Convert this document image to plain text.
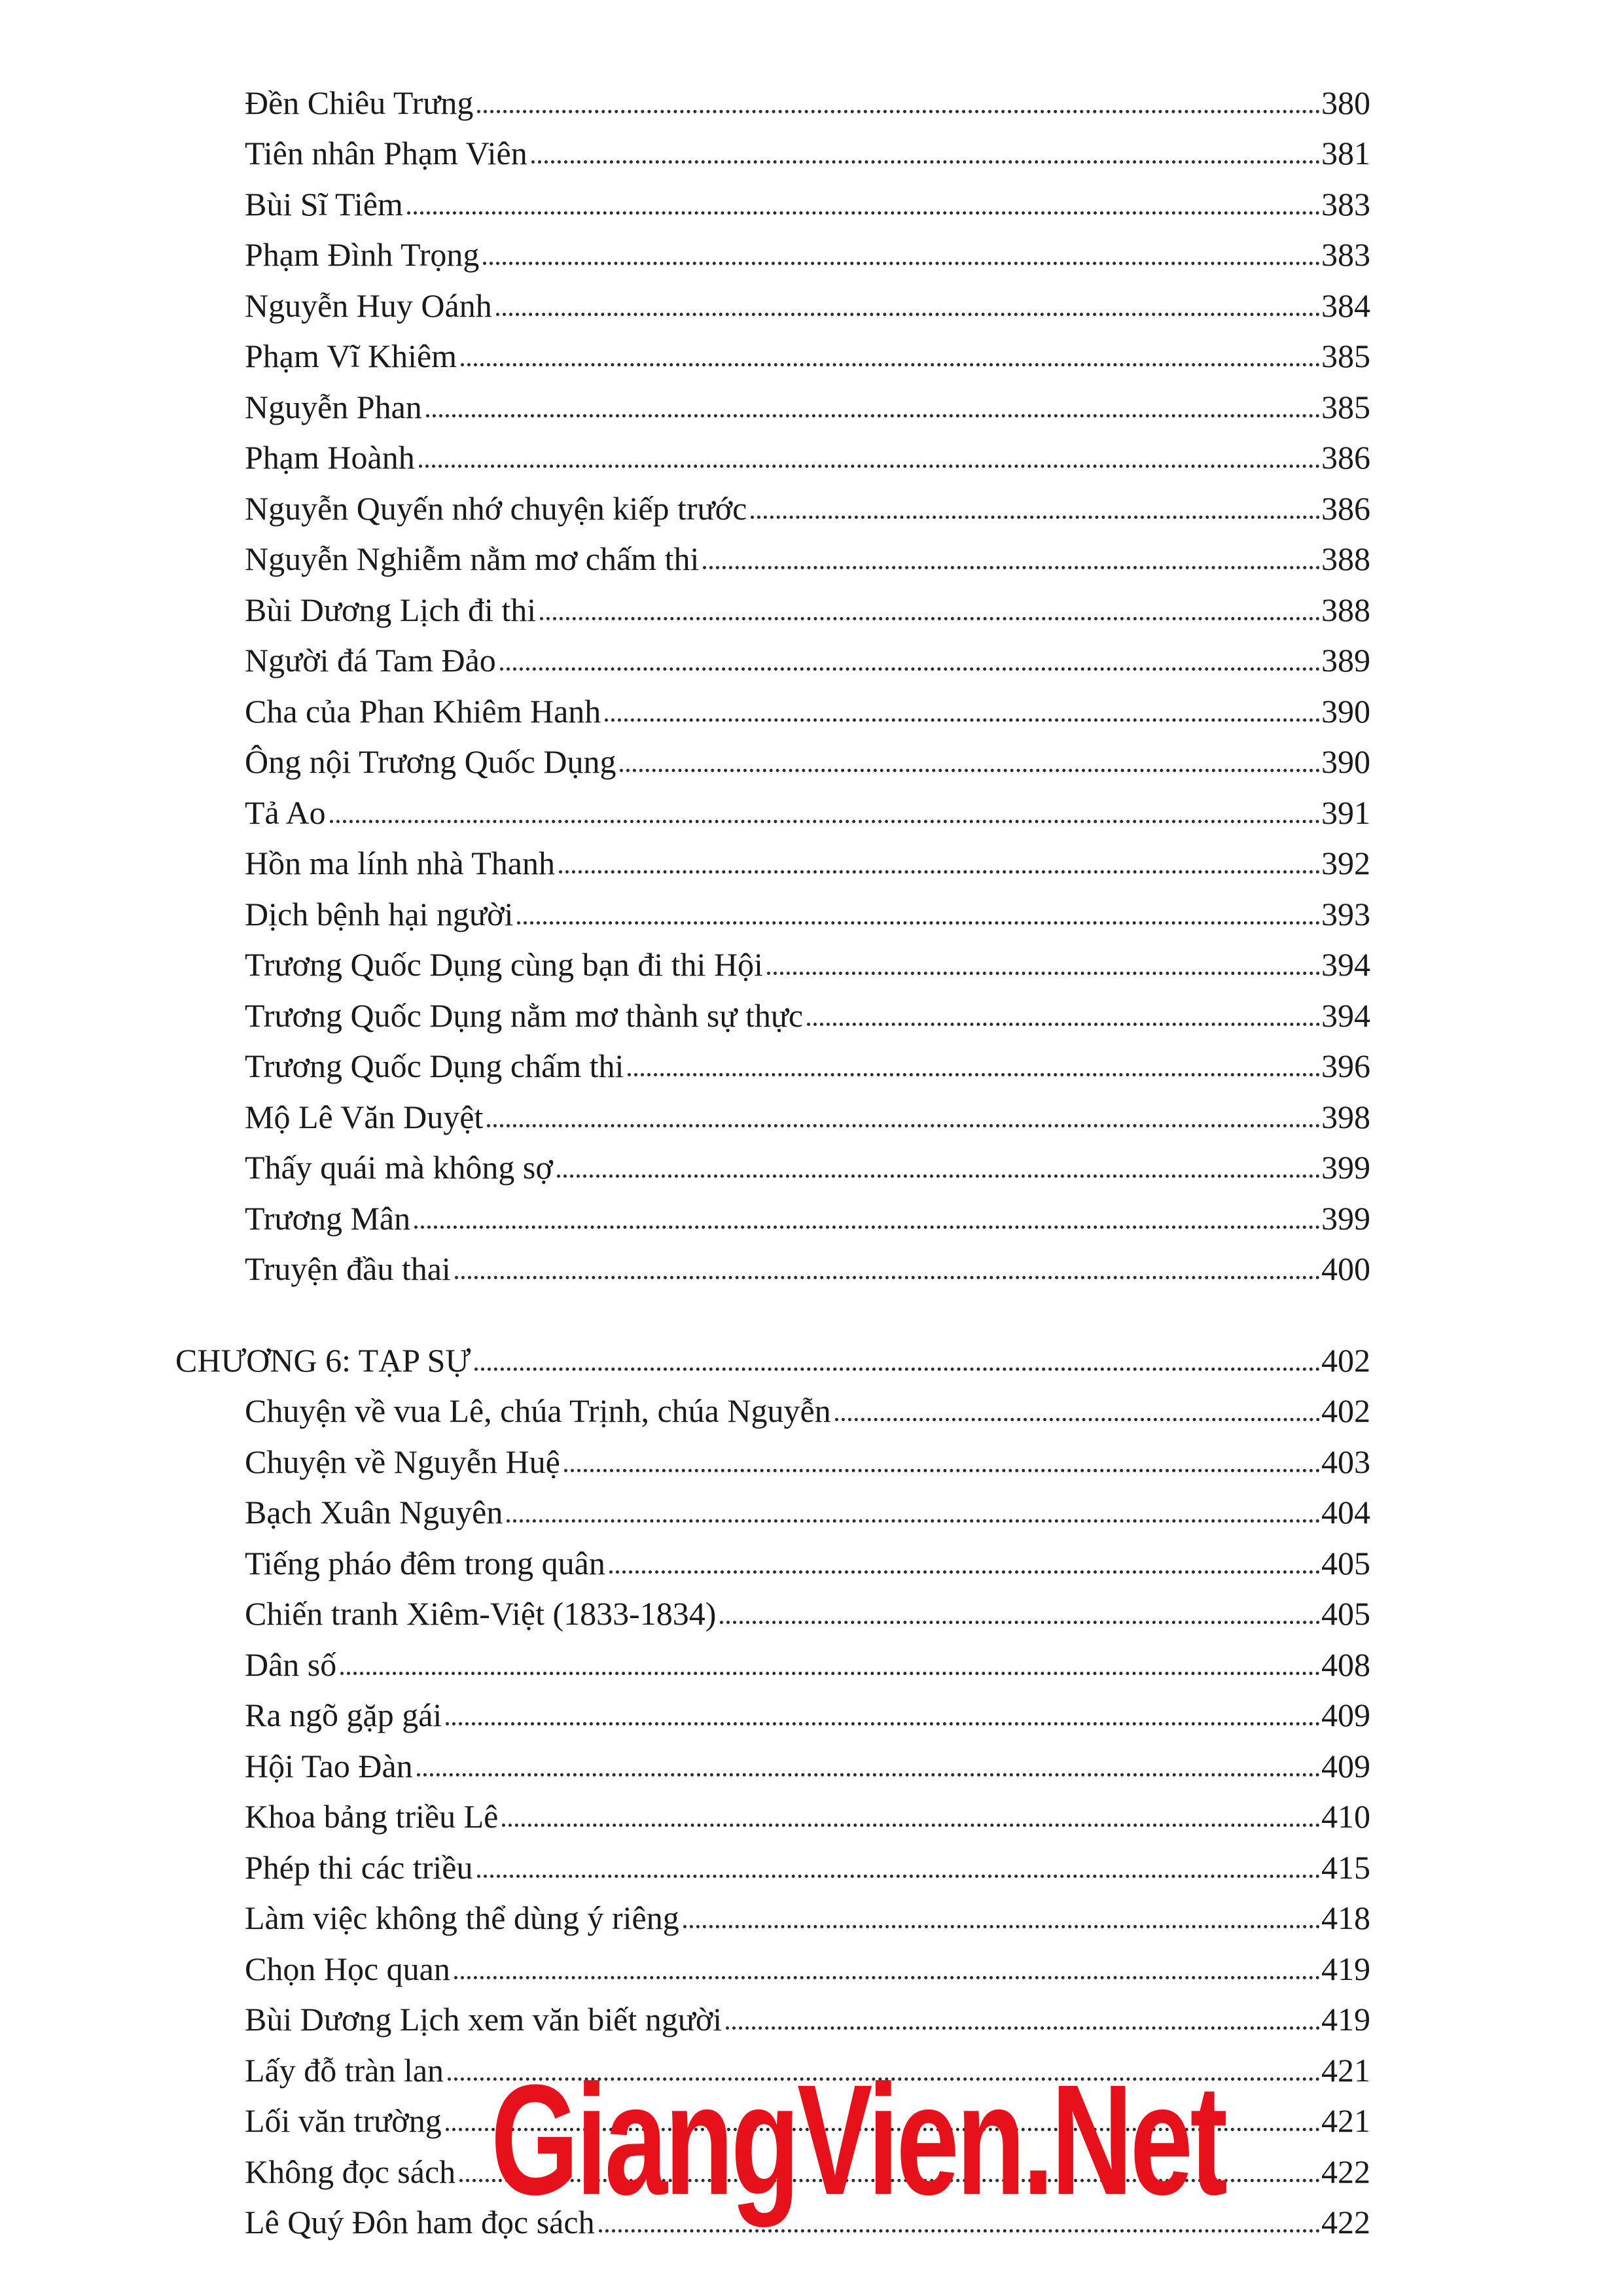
Đền Chiêu Trưng	380
Tiên nhân Phạm Viên	381
Bùi Sĩ Tiêm	383
Phạm Đình Trọng	383
Nguyễn Huy Oánh	384
Phạm Vĩ Khiêm	385
Nguyễn Phan	385
Phạm Hoành	386
Nguyễn Quyến nhớ chuyện kiếp trước	386
Nguyễn Nghiễm nằm mơ chấm thi	388
Bùi Dương Lịch đi thi	388
Người đá Tam Đảo	389
Cha của Phan Khiêm Hanh	390
Ông nội Trương Quốc Dụng	390
Tả Ao	391
Hồn ma lính nhà Thanh	392
Dịch bệnh hại người	393
Trương Quốc Dụng cùng bạn đi thi Hội	394
Trương Quốc Dụng nằm mơ thành sự thực	394
Trương Quốc Dụng chấm thi	396
Mộ Lê Văn Duyệt	398
Thấy quái mà không sợ	399
Trương Mân	399
Truyện đầu thai	400
CHƯƠNG 6: TẠP SỰ	402
Chuyện về vua Lê, chúa Trịnh, chúa Nguyễn	402
Chuyện về Nguyễn Huệ	403
Bạch Xuân Nguyên	404
Tiếng pháo đêm trong quân	405
Chiến tranh Xiêm-Việt (1833-1834)	405
Dân số	408
Ra ngõ gặp gái	409
Hội Tao Đàn	409
Khoa bảng triều Lê	410
Phép thi các triều	415
Làm việc không thể dùng ý riêng	418
Chọn Học quan	419
Bùi Dương Lịch xem văn biết người	419
Lấy đỗ tràn lan	421
Lối văn trường	421
Không đọc sách	422
Lê Quý Đôn ham đọc sách	422
GiangVien.Net
